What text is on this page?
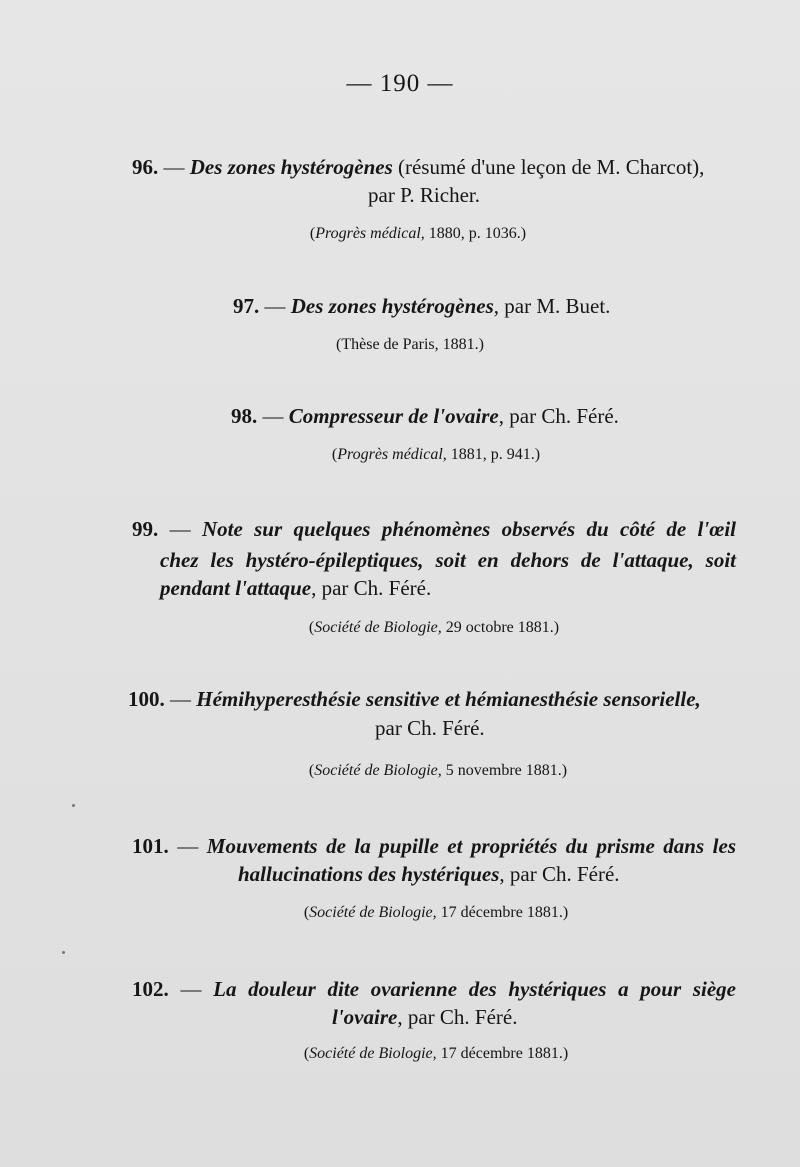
— 190 —
96. — Des zones hystérogènes (résumé d'une leçon de M. Charcot),
par P. Richer.
(Progrès médical, 1880, p. 1036.)
97. — Des zones hystérogènes, par M. Buet.
(Thèse de Paris, 1881.)
98. — Compresseur de l'ovaire, par Ch. Féré.
(Progrès médical, 1881, p. 941.)
99. — Note sur quelques phénomènes observés du côté de l'œil
chez les hystéro-épileptiques, soit en dehors de l'attaque, soit
pendant l'attaque, par Ch. Féré.
(Société de Biologie, 29 octobre 1881.)
100. — Hémihyperesthésie sensitive et hémianesthésie sensorielle,
par Ch. Féré.
(Société de Biologie, 5 novembre 1881.)
101. — Mouvements de la pupille et propriétés du prisme dans les
hallucinations des hystériques, par Ch. Féré.
(Société de Biologie, 17 décembre 1881.)
102. — La douleur dite ovarienne des hystériques a pour siège
l'ovaire, par Ch. Féré.
(Société de Biologie, 17 décembre 1881.)
